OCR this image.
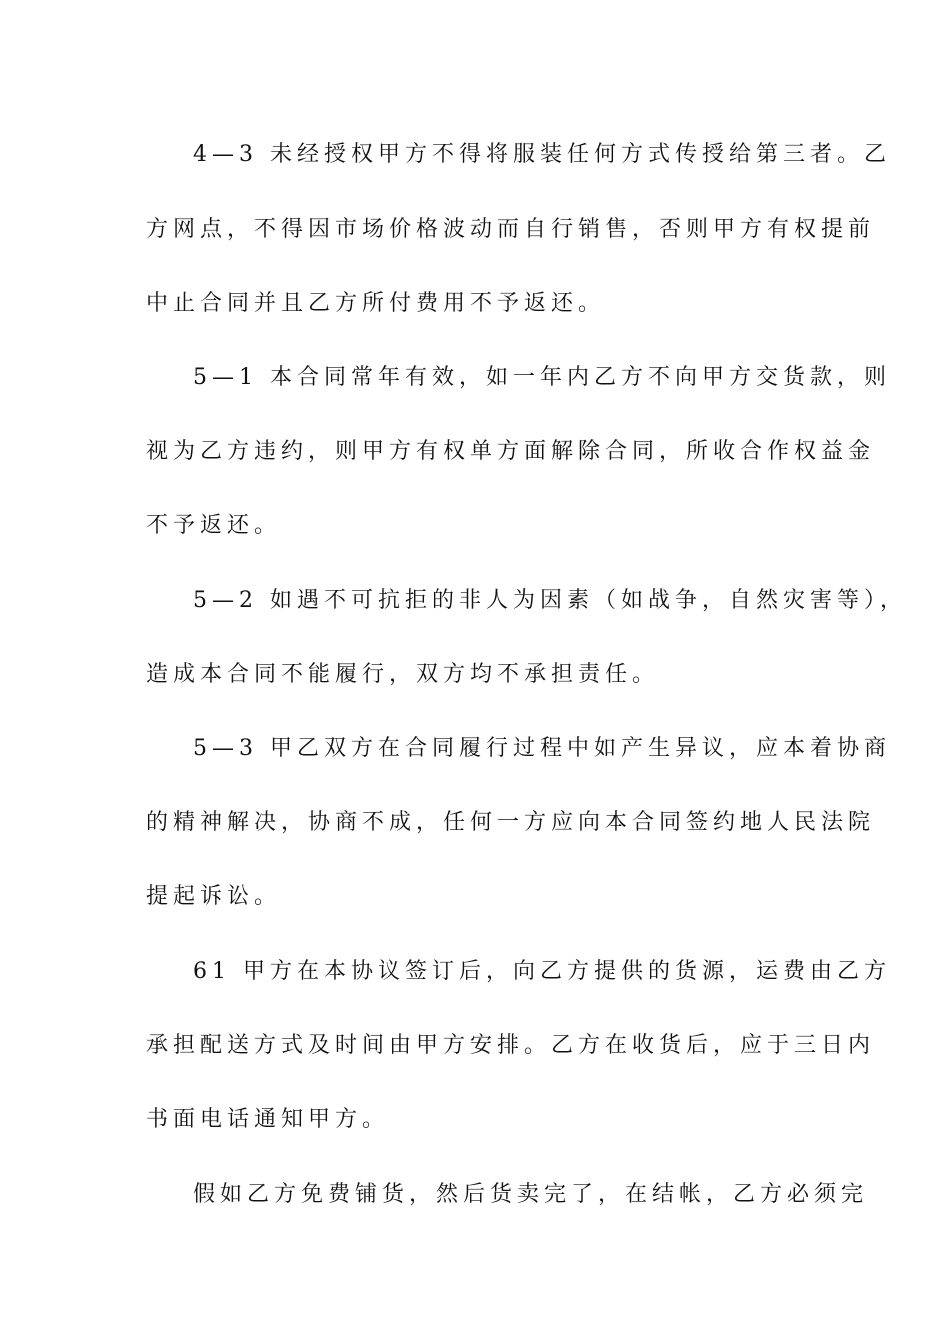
4—3 未经授权甲方不得将服装任何方式传授给第三者。乙
方网点，不得因市场价格波动而自行销售，否则甲方有权提前
中止合同并且乙方所付费用不予返还。
5—1 本合同常年有效，如一年内乙方不向甲方交货款，则
视为乙方违约，则甲方有权单方面解除合同，所收合作权益金
不予返还。
5—2 如遇不可抗拒的非人为因素（如战争，自然灾害等），
造成本合同不能履行，双方均不承担责任。
5—3 甲乙双方在合同履行过程中如产生异议，应本着协商
的精神解决，协商不成，任何一方应向本合同签约地人民法院
提起诉讼。
61 甲方在本协议签订后，向乙方提供的货源，运费由乙方
承担配送方式及时间由甲方安排。乙方在收货后，应于三日内
书面电话通知甲方。
假如乙方免费铺货，然后货卖完了，在结帐，乙方必须完
